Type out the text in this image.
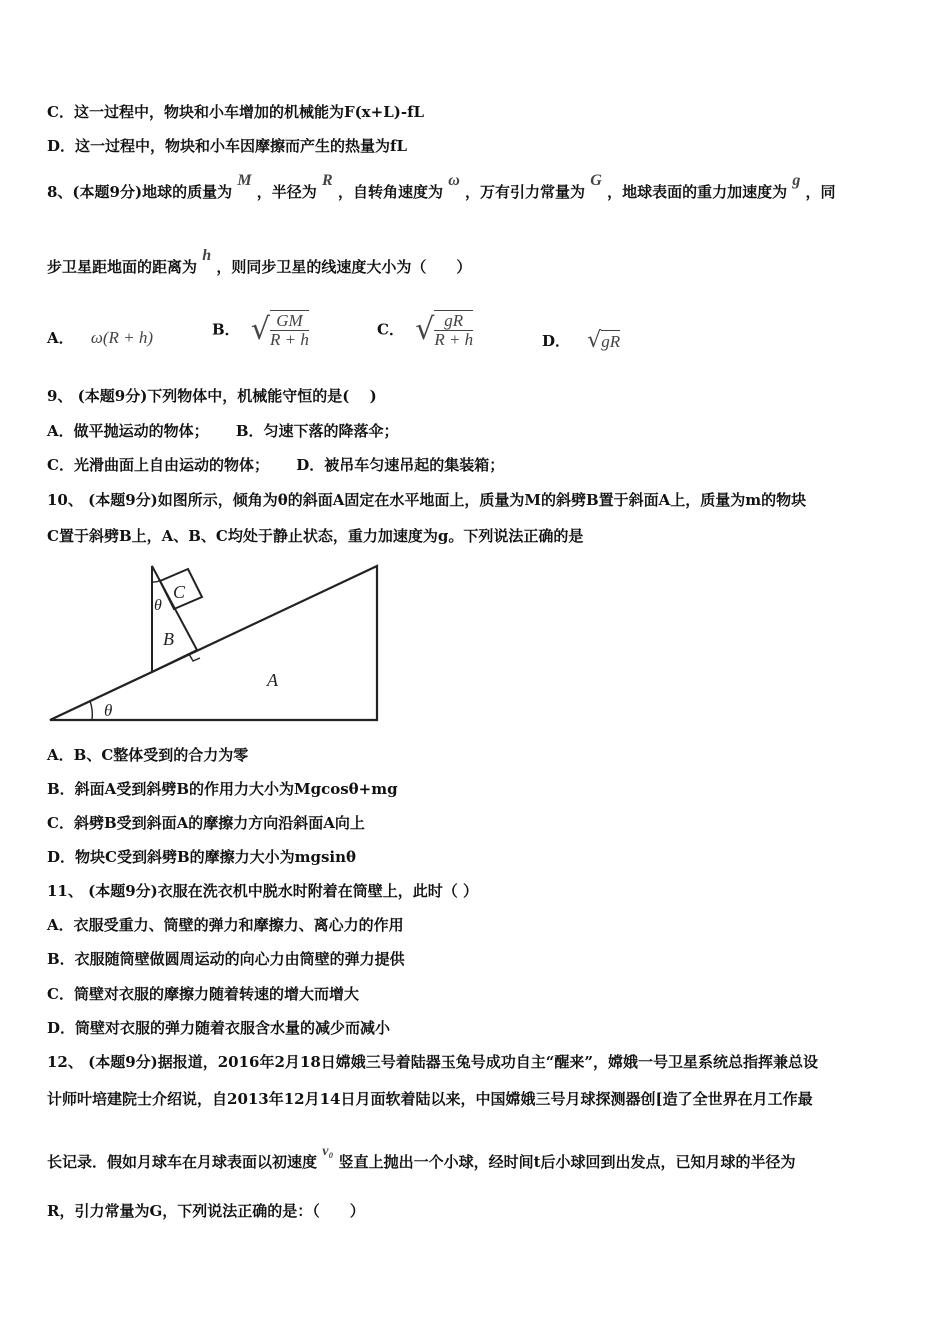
C．这一过程中，物块和小车增加的机械能为F(x+L)-fL
D．这一过程中，物块和小车因摩擦而产生的热量为fL
8、(本题9分)地球的质量为 M ，半径为 R ，自转角速度为 ω ，万有引力常量为 G ，地球表面的重力加速度为 g ，同
步卫星距地面的距离为 h ，则同步卫星的线速度大小为（　　）
A． ω(R + h)	B． √ $\frac{GM}{R + h}$	C． √ $\frac{gR}{R + h}$	D． √ gR
9、 (本题9分)下列物体中，机械能守恒的是(　 )
A．做平抛运动的物体； B．匀速下落的降落伞；
C．光滑曲面上自由运动的物体； D．被吊车匀速吊起的集装箱；
10、 (本题9分)如图所示，倾角为θ的斜面A固定在水平地面上，质量为M的斜劈B置于斜面A上，质量为m的物块
C置于斜劈B上，A、B、C均处于静止状态，重力加速度为g。下列说法正确的是
C
θ
B
A
θ
A．B、C整体受到的合力为零
B．斜面A受到斜劈B的作用力大小为Mgcosθ+mg
C．斜劈B受到斜面A的摩擦力方向沿斜面A向上
D．物块C受到斜劈B的摩擦力大小为mgsinθ
11、 (本题9分)衣服在洗衣机中脱水时附着在筒壁上，此时（ ）
A．衣服受重力、筒壁的弹力和摩擦力、离心力的作用
B．衣服随筒壁做圆周运动的向心力由筒壁的弹力提供
C．筒壁对衣服的摩擦力随着转速的增大而增大
D．筒壁对衣服的弹力随着衣服含水量的减少而减小
12、 (本题9分)据报道，2016年2月18日嫦娥三号着陆器玉兔号成功自主“醒来”，嫦娥一号卫星系统总指挥兼总设
计师叶培建院士介绍说，自2013年12月14日月面软着陆以来，中国嫦娥三号月球探测器创[造了全世界在月工作最
长记录．假如月球车在月球表面以初速度 v₀ 竖直上抛出一个小球，经时间t后小球回到出发点，已知月球的半径为
R，引力常量为G，下列说法正确的是：（　　）
